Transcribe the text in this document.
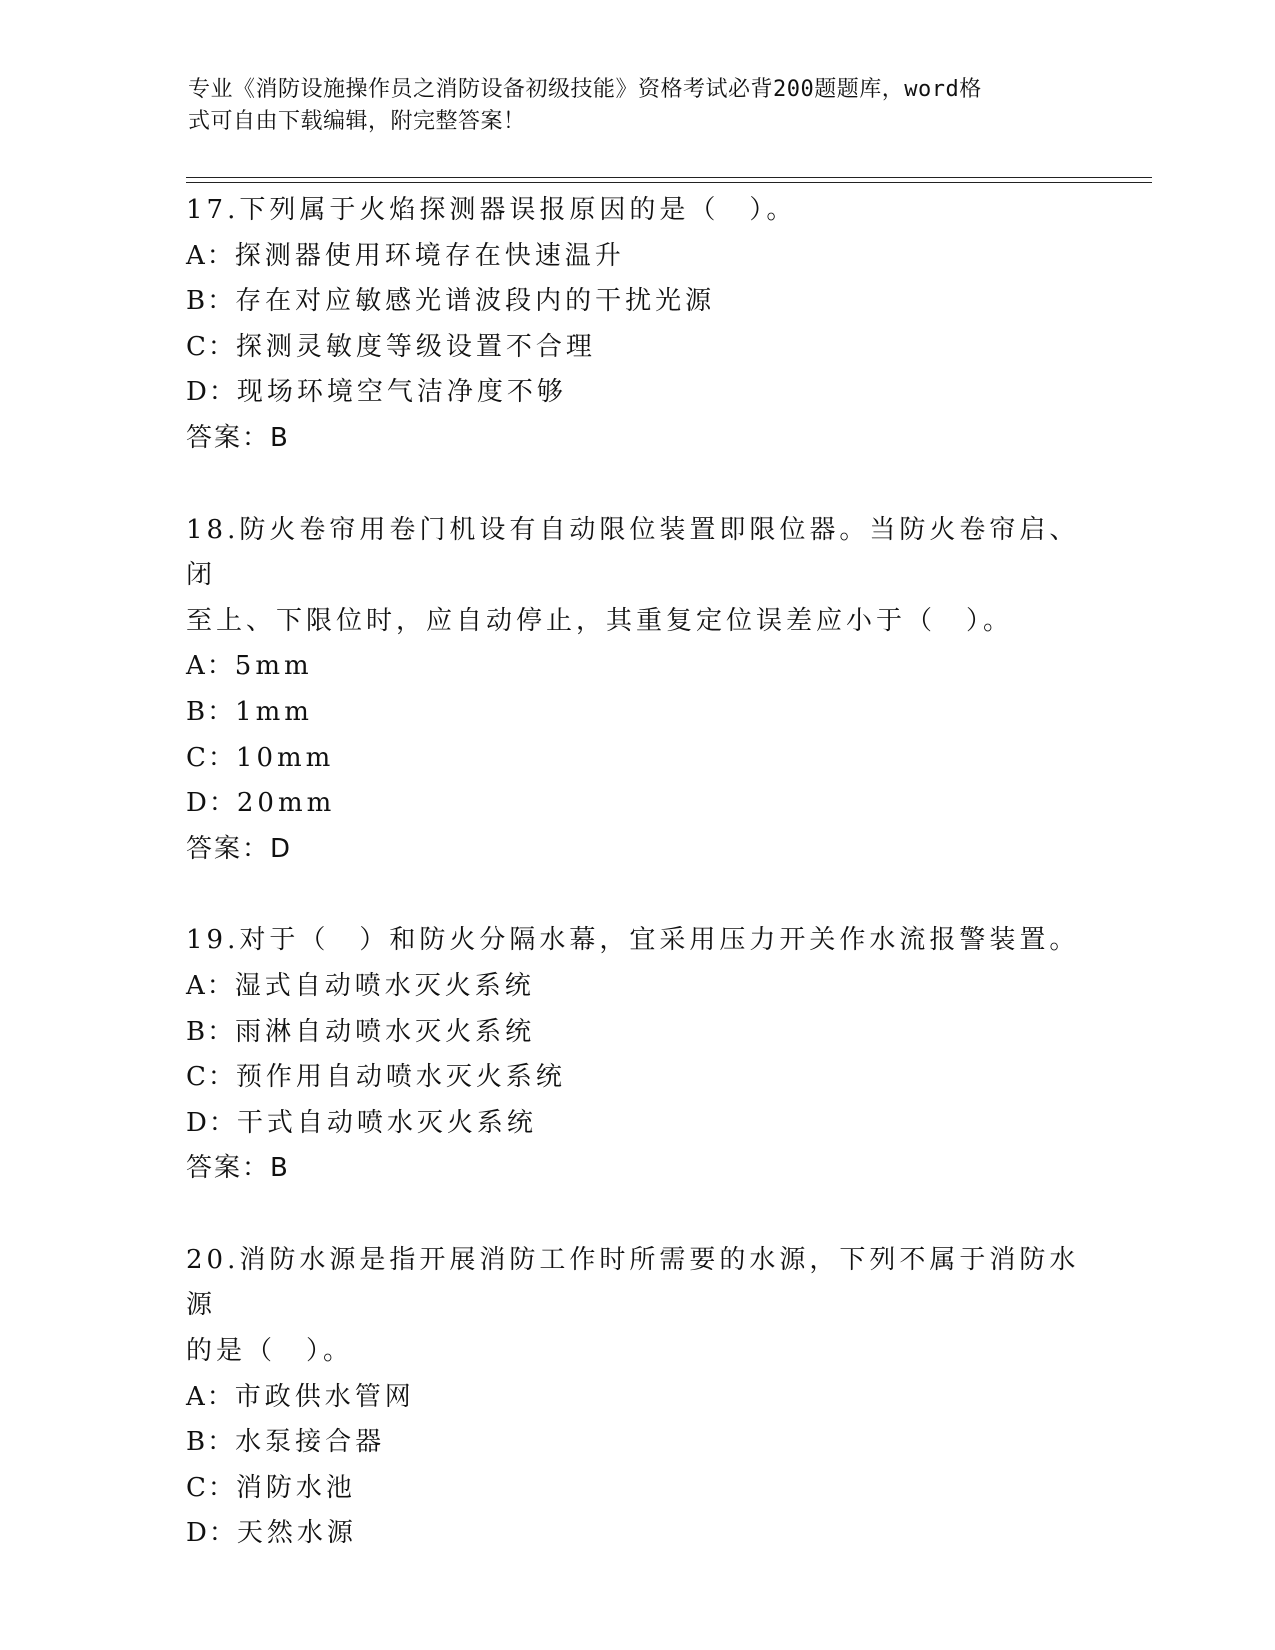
专业《消防设施操作员之消防设备初级技能》资格考试必背200题题库，word格
式可自由下载编辑，附完整答案！
17.下列属于火焰探测器误报原因的是（　）。
A：探测器使用环境存在快速温升
B：存在对应敏感光谱波段内的干扰光源
C：探测灵敏度等级设置不合理
D：现场环境空气洁净度不够
答案：B
18.防火卷帘用卷门机设有自动限位装置即限位器。当防火卷帘启、闭
至上、下限位时，应自动停止，其重复定位误差应小于（　）。
A：5mm
B：1mm
C：10mm
D：20mm
答案：D
19.对于（　）和防火分隔水幕，宜采用压力开关作水流报警装置。
A：湿式自动喷水灭火系统
B：雨淋自动喷水灭火系统
C：预作用自动喷水灭火系统
D：干式自动喷水灭火系统
答案：B
20.消防水源是指开展消防工作时所需要的水源，下列不属于消防水源
的是（　）。
A：市政供水管网
B：水泵接合器
C：消防水池
D：天然水源
